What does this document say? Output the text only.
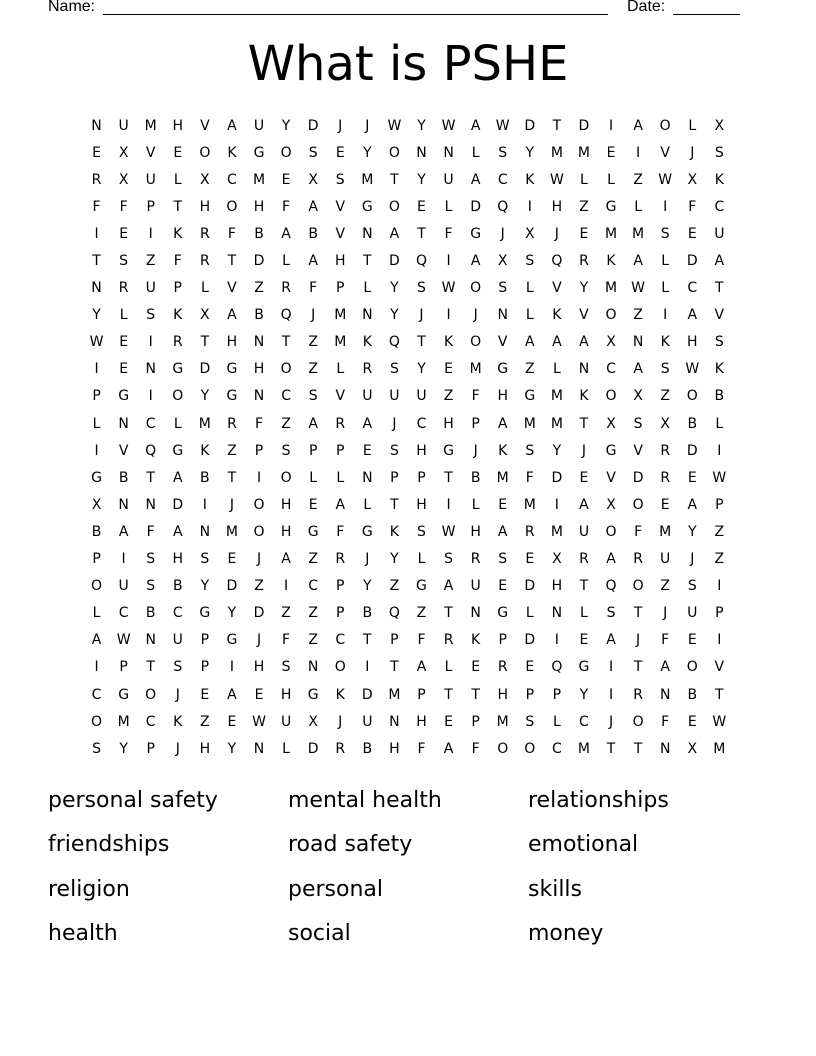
Name:	Date:
What is PSHE
N	U	M	H	V	A	U	Y	D	J	J	W	Y	W	A	W	D	T	D	I	A	O	L	X
E	X	V	E	O	K	G	O	S	E	Y	O	N	N	L	S	Y	M	M	E	I	V	J	S
R	X	U	L	X	C	M	E	X	S	M	T	Y	U	A	C	K	W	L	L	Z	W	X	K
F	F	P	T	H	O	H	F	A	V	G	O	E	L	D	Q	I	H	Z	G	L	I	F	C
I	E	I	K	R	F	B	A	B	V	N	A	T	F	G	J	X	J	E	M	M	S	E	U
T	S	Z	F	R	T	D	L	A	H	T	D	Q	I	A	X	S	Q	R	K	A	L	D	A
N	R	U	P	L	V	Z	R	F	P	L	Y	S	W	O	S	L	V	Y	M	W	L	C	T
Y	L	S	K	X	A	B	Q	J	M	N	Y	J	I	J	N	L	K	V	O	Z	I	A	V
W	E	I	R	T	H	N	T	Z	M	K	Q	T	K	O	V	A	A	A	X	N	K	H	S
I	E	N	G	D	G	H	O	Z	L	R	S	Y	E	M	G	Z	L	N	C	A	S	W	K
P	G	I	O	Y	G	N	C	S	V	U	U	U	Z	F	H	G	M	K	O	X	Z	O	B
L	N	C	L	M	R	F	Z	A	R	A	J	C	H	P	A	M	M	T	X	S	X	B	L
I	V	Q	G	K	Z	P	S	P	P	E	S	H	G	J	K	S	Y	J	G	V	R	D	I
G	B	T	A	B	T	I	O	L	L	N	P	P	T	B	M	F	D	E	V	D	R	E	W
X	N	N	D	I	J	O	H	E	A	L	T	H	I	L	E	M	I	A	X	O	E	A	P
B	A	F	A	N	M	O	H	G	F	G	K	S	W	H	A	R	M	U	O	F	M	Y	Z
P	I	S	H	S	E	J	A	Z	R	J	Y	L	S	R	S	E	X	R	A	R	U	J	Z
O	U	S	B	Y	D	Z	I	C	P	Y	Z	G	A	U	E	D	H	T	Q	O	Z	S	I
L	C	B	C	G	Y	D	Z	Z	P	B	Q	Z	T	N	G	L	N	L	S	T	J	U	P
A	W	N	U	P	G	J	F	Z	C	T	P	F	R	K	P	D	I	E	A	J	F	E	I
I	P	T	S	P	I	H	S	N	O	I	T	A	L	E	R	E	Q	G	I	T	A	O	V
C	G	O	J	E	A	E	H	G	K	D	M	P	T	T	H	P	P	Y	I	R	N	B	T
O	M	C	K	Z	E	W	U	X	J	U	N	H	E	P	M	S	L	C	J	O	F	E	W
S	Y	P	J	H	Y	N	L	D	R	B	H	F	A	F	O	O	C	M	T	T	N	X	M
personal safety	mental health	relationships
friendships	road safety	emotional
religion	personal	skills
health	social	money
